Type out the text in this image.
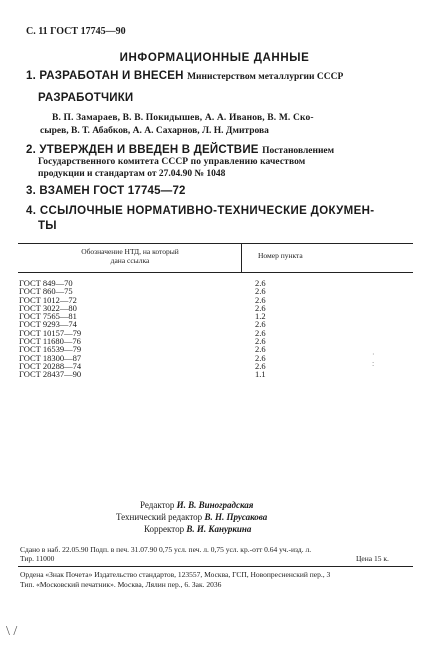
С. 11 ГОСТ 17745—90
ИНФОРМАЦИОННЫЕ ДАННЫЕ
1. РАЗРАБОТАН И ВНЕСЕН Министерством металлургии СССР
РАЗРАБОТЧИКИ
В. П. Замараев, В. В. Покидышев, А. А. Иванов, В. М. Ско-
сырев, В. Т. Абабков, А. А. Сахарнов, Л. Н. Дмитрова
2. УТВЕРЖДЕН И ВВЕДЕН В ДЕЙСТВИЕ Постановлением
Государственного комитета СССР по управлению качеством
продукции и стандартам от 27.04.90 № 1048
3. ВЗАМЕН ГОСТ 17745—72
4. ССЫЛОЧНЫЕ НОРМАТИВНО-ТЕХНИЧЕСКИЕ ДОКУМЕН-
ТЫ
Обозначение НТД, на который
дана ссылка
Номер пункта
ГОСТ 849—70
ГОСТ 860—75
ГОСТ 1012—72
ГОСТ 3022—80
ГОСТ 7565—81
ГОСТ 9293—74
ГОСТ 10157—79
ГОСТ 11680—76
ГОСТ 16539—79
ГОСТ 18300—87
ГОСТ 20288—74
ГОСТ 28437—90
2.6
2.6
2.6
2.6
1.2
2.6
2.6
2.6
2.6
2.6
2.6
1.1
·
:
Редактор И. В. Виноградская
Технический редактор В. Н. Прусакова
Корректор В. И. Кануркина
Сдано в наб. 22.05.90 Подп. в печ. 31.07.90 0,75 усл. печ. л. 0,75 усл. кр.-отт 0.64 уч.-изд. л.
Тир. 11000	Цена 15 к.
Ордена «Знак Почета» Издательство стандартов, 123557, Москва, ГСП, Новопресненский пер., 3
Тип. «Московский печатник». Москва, Лялин пер., 6. Зак. 2036
\ /
